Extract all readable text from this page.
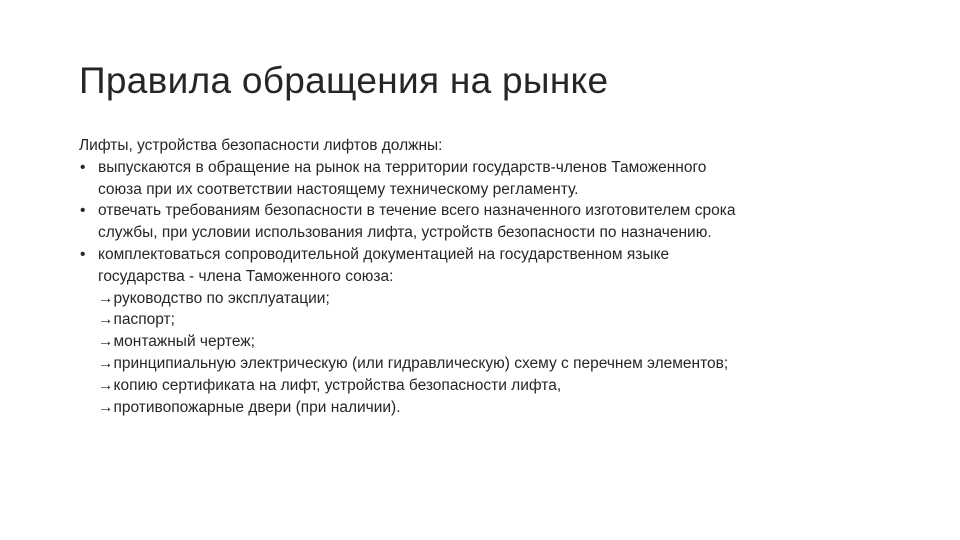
Правила обращения на рынке
Лифты, устройства безопасности лифтов должны:
• выпускаются в обращение на рынок на территории государств-членов Таможенного
союза при их соответствии настоящему техническому регламенту.
• отвечать требованиям безопасности в течение всего назначенного изготовителем срока
службы, при условии использования лифта, устройств безопасности по назначению.
• комплектоваться сопроводительной документацией на государственном языке
государства - члена Таможенного союза:
→руководство по эксплуатации;
→паспорт;
→монтажный чертеж;
→принципиальную электрическую (или гидравлическую) схему с перечнем элементов;
→копию сертификата на лифт, устройства безопасности лифта,
→противопожарные двери (при наличии).
